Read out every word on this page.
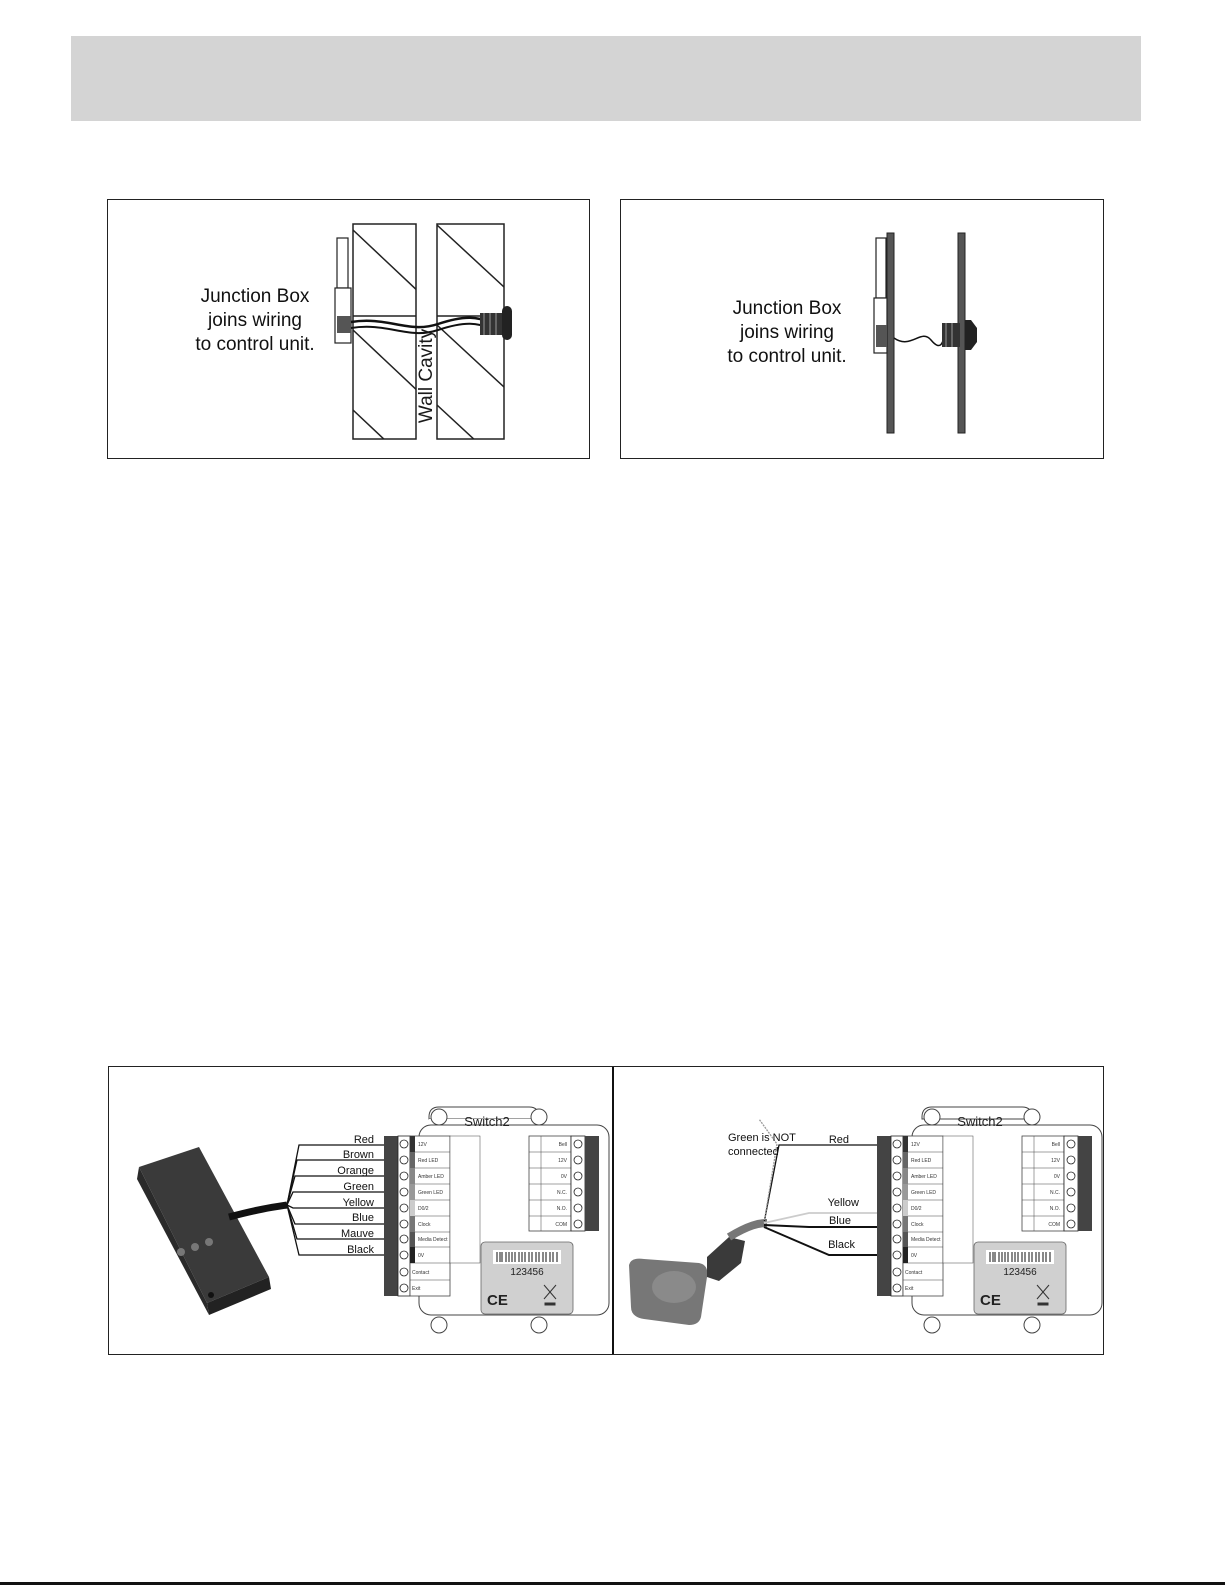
Junction Box
joins wiring
to control unit.	Wall Cavity
Junction Box
joins wiring
to control unit.
Red
Brown
Orange
Green
Yellow
Blue
Mauve
Black
Switch2
123456
CE
12V
Red LED
Amber LED
Green LED
D0/2
Clock
Media Detect
0V
Contact
Exit
Bell
12V
0V
N.C.
N.O.
COM
Green is NOT
connected
Red
Yellow
Blue
Black
Switch2
123456
CE
12V
Red LED
Amber LED
Green LED
D0/2
Clock
Media Detect
0V
Contact
Exit
Bell
12V
0V
N.C.
N.O.
COM
